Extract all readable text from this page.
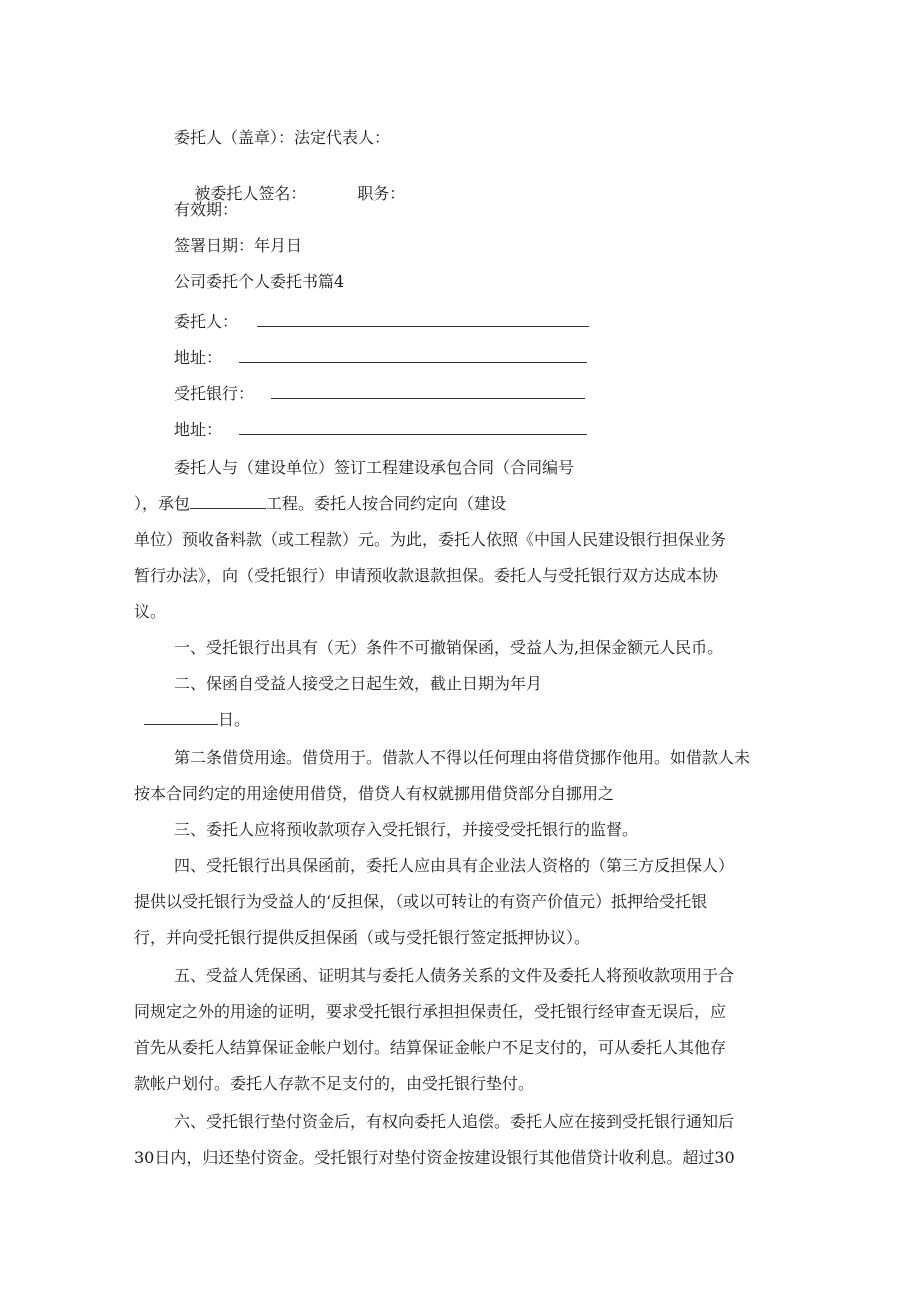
委托人（盖章）：法定代表人：

被委托人签名：          职务：

有效期：
签署日期：年月日
公司委托个人委托书篇4
委托人：
地址：
受托银行：
地址：
委托人与（建设单位）签订工程建设承包合同（合同编号
），承包	工程。委托人按合同约定向（建设
单位）预收备料款（或工程款）元。为此，委托人依照《中国人民建设银行担保业务
暂行办法》，向（受托银行）申请预收款退款担保。委托人与受托银行双方达成本协
议。
一、受托银行出具有（无）条件不可撤销保函，受益人为,担保金额元人民币。
二、保函自受益人接受之日起生效，截止日期为年月
日。
第二条借贷用途。借贷用于。借款人不得以任何理由将借贷挪作他用。如借款人未
按本合同约定的用途使用借贷，借贷人有权就挪用借贷部分自挪用之
三、委托人应将预收款项存入受托银行，并接受受托银行的监督。
四、受托银行出具保函前，委托人应由具有企业法人资格的（第三方反担保人）
提供以受托银行为受益人的‘反担保，（或以可转让的有资产价值元）抵押给受托银
行，并向受托银行提供反担保函（或与受托银行签定抵押协议）。
五、受益人凭保函、证明其与委托人债务关系的文件及委托人将预收款项用于合
同规定之外的用途的证明，要求受托银行承担担保责任，受托银行经审查无误后，应
首先从委托人结算保证金帐户划付。结算保证金帐户不足支付的，可从委托人其他存
款帐户划付。委托人存款不足支付的，由受托银行垫付。
六、受托银行垫付资金后，有权向委托人追偿。委托人应在接到受托银行通知后
30日内，归还垫付资金。受托银行对垫付资金按建设银行其他借贷计收利息。超过30
